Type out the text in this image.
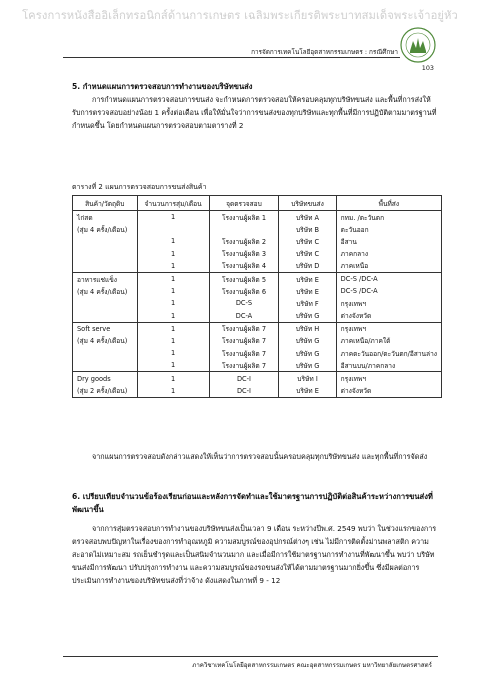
โครงการหนังสืออิเล็กทรอนิกส์ด้านการเกษตร เฉลิมพระเกียรติพระบาทสมเด็จพระเจ้าอยู่หัว
การจัดการเทคโนโลยีอุตสาหกรรมเกษตร : กรณีศึกษา
103
5. กำหนดแผนการตรวจสอบการทำงานของบริษัทขนส่ง

การกำหนดแผนการตรวจสอบการขนส่ง จะกำหนดการตรวจสอบให้ครอบคลุมทุกบริษัทขนส่ง และพื้นที่การส่งให้รับการตรวจสอบอย่างน้อย 1 ครั้งต่อเดือน เพื่อให้มั่นใจว่าการขนส่งของทุกบริษัทและทุกพื้นที่มีการปฏิบัติตามมาตรฐานที่กำหนดขึ้น โดยกำหนดแผนการตรวจสอบตามตารางที่ 2

ตารางที่ 2 แผนการตรวจสอบการขนส่งสินค้า
สินค้า/วัตถุดิบ	จำนวนการสุ่ม/เดือน	จุดตรวจสอบ	บริษัทขนส่ง	พื้นที่ส่ง
ไก่สด	1	โรงงานผู้ผลิต 1	บริษัท A	กทม. /ตะวันตก
(สุ่ม 4 ครั้ง/เดือน)			บริษัท B	ตะวันออก
	1	โรงงานผู้ผลิต 2	บริษัท C	อีสาน
	1	โรงงานผู้ผลิต 3	บริษัท C	ภาคกลาง
	1	โรงงานผู้ผลิต 4	บริษัท D	ภาคเหนือ
อาหารแช่แข็ง	1	โรงงานผู้ผลิต 5	บริษัท E	DC-S /DC-A
(สุ่ม 4 ครั้ง/เดือน)	1	โรงงานผู้ผลิต 6	บริษัท E	DC-S /DC-A
	1	DC-S	บริษัท F	กรุงเทพฯ
	1	DC-A	บริษัท G	ต่างจังหวัด
Soft serve	1	โรงงานผู้ผลิต 7	บริษัท H	กรุงเทพฯ
(สุ่ม 4 ครั้ง/เดือน)	1	โรงงานผู้ผลิต 7	บริษัท G	ภาคเหนือ/ภาคใต้
	1	โรงงานผู้ผลิต 7	บริษัท G	ภาคตะวันออก/ตะวันตก/อีสานล่าง
	1	โรงงานผู้ผลิต 7	บริษัท G	อีสานบน/ภาคกลาง
Dry goods	1	DC-I	บริษัท I	กรุงเทพฯ
(สุ่ม 2 ครั้ง/เดือน)	1	DC-I	บริษัท E	ต่างจังหวัด

จากแผนการตรวจสอบดังกล่าวแสดงให้เห็นว่าการตรวจสอบนั้นครอบคลุมทุกบริษัทขนส่ง และทุกพื้นที่การจัดส่ง

6. เปรียบเทียบจำนวนข้อร้องเรียนก่อนและหลังการจัดทำและใช้มาตรฐานการปฏิบัติต่อสินค้าระหว่างการขนส่งที่พัฒนาขึ้น

จากการสุ่มตรวจสอบการทำงานของบริษัทขนส่งเป็นเวลา 9 เดือน ระหว่างปีพ.ศ. 2549 พบว่า ในช่วงแรกของการตรวจสอบพบปัญหาในเรื่องของการทำอุณหภูมิ ความสมบูรณ์ของอุปกรณ์ต่างๆ เช่น ไม่มีการติดตั้งม่านพลาสติก ความสะอาดไม่เหมาะสม รถเย็นชำรุดและเป็นสนิมจำนวนมาก และเมื่อมีการใช้มาตรฐานการทำงานที่พัฒนาขึ้น พบว่า บริษัทขนส่งมีการพัฒนา ปรับปรุงการทำงาน และความสมบูรณ์ของรถขนส่งให้ได้ตามมาตรฐานมากยิ่งขึ้น ซึ่งมีผลต่อการประเมินการทำงานของบริษัทขนส่งที่ว่าจ้าง ดังแสดงในภาพที่ 9 - 12

ภาควิชาเทคโนโลยีอุตสาหกรรมเกษตร คณะอุตสาหกรรมเกษตร มหาวิทยาลัยเกษตรศาสตร์
